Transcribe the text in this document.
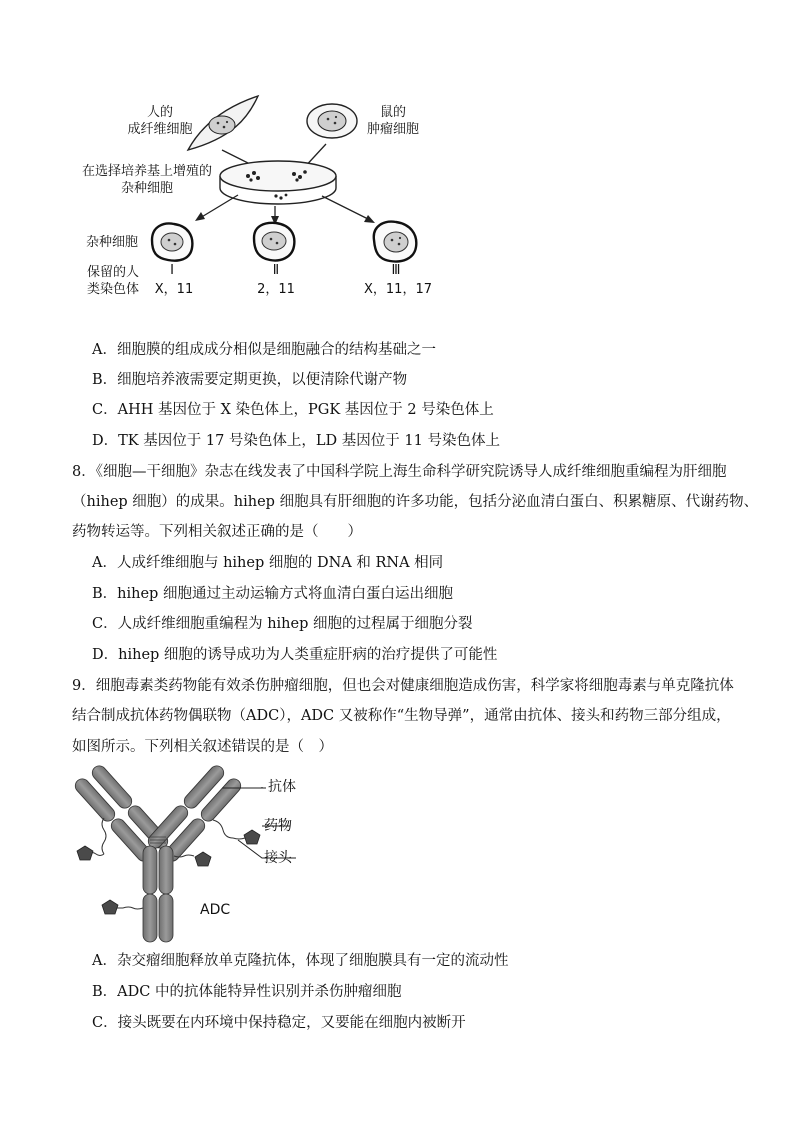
人的
成纤维细胞
鼠的
肿瘤细胞
在选择培养基上增殖的
杂种细胞
杂种细胞
保留的人
类染色体
Ⅰ
X，11
Ⅱ
2，11
Ⅲ
X，11，17
A．细胞膜的组成成分相似是细胞融合的结构基础之一
B．细胞培养液需要定期更换，以便清除代谢产物
C．AHH 基因位于 X 染色体上，PGK 基因位于 2 号染色体上
D．TK 基因位于 17 号染色体上，LD 基因位于 11 号染色体上
8．《细胞—干细胞》杂志在线发表了中国科学院上海生命科学研究院诱导人成纤维细胞重编程为肝细胞
（hihep 细胞）的成果。hihep 细胞具有肝细胞的许多功能，包括分泌血清白蛋白、积累糖原、代谢药物、
药物转运等。下列相关叙述正确的是（　　）
A．人成纤维细胞与 hihep 细胞的 DNA 和 RNA 相同
B．hihep 细胞通过主动运输方式将血清白蛋白运出细胞
C．人成纤维细胞重编程为 hihep 细胞的过程属于细胞分裂
D．hihep 细胞的诱导成功为人类重症肝病的治疗提供了可能性
9．细胞毒素类药物能有效杀伤肿瘤细胞，但也会对健康细胞造成伤害，科学家将细胞毒素与单克隆抗体
结合制成抗体药物偶联物（ADC），ADC 又被称作“生物导弹”，通常由抗体、接头和药物三部分组成，
如图所示。下列相关叙述错误的是（　）
抗体
药物
接头
ADC
A．杂交瘤细胞释放单克隆抗体，体现了细胞膜具有一定的流动性
B．ADC 中的抗体能特异性识别并杀伤肿瘤细胞
C．接头既要在内环境中保持稳定，又要能在细胞内被断开
